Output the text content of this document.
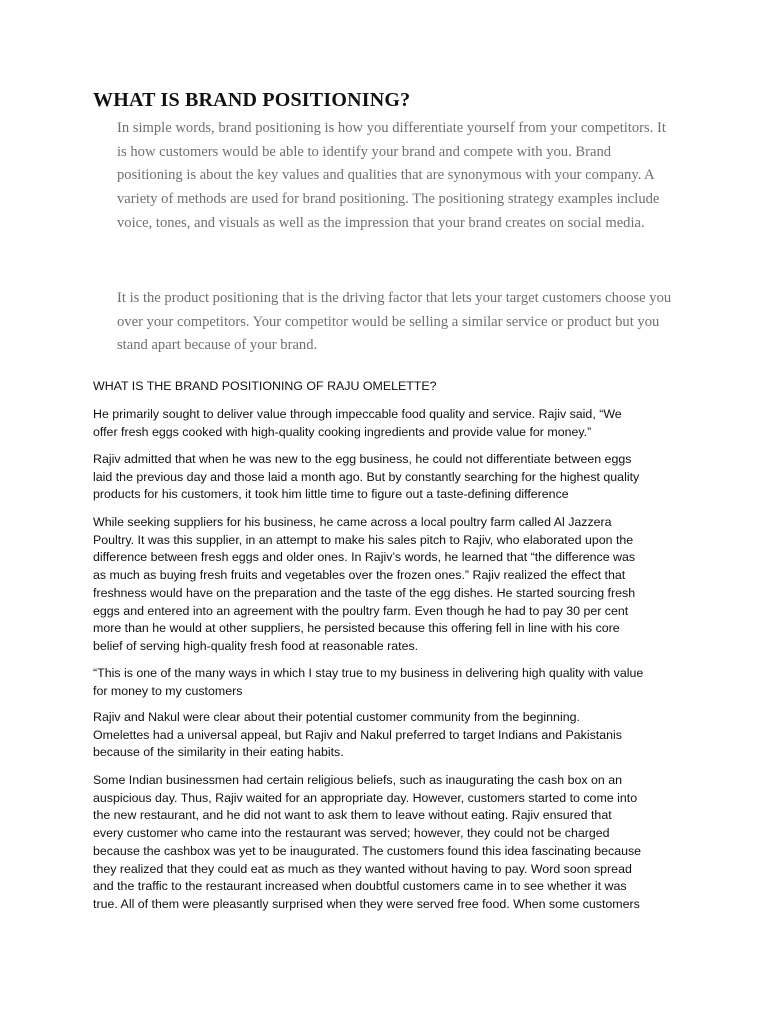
WHAT IS BRAND POSITIONING?

In simple words, brand positioning is how you differentiate yourself from your competitors. It is how customers would be able to identify your brand and compete with you. Brand positioning is about the key values and qualities that are synonymous with your company. A variety of methods are used for brand positioning. The positioning strategy examples include voice, tones, and visuals as well as the impression that your brand creates on social media.

It is the product positioning that is the driving factor that lets your target customers choose you over your competitors. Your competitor would be selling a similar service or product but you stand apart because of your brand.

WHAT IS THE BRAND POSITIONING OF RAJU OMELETTE?
He primarily sought to deliver value through impeccable food quality and service. Rajiv said, “We
offer fresh eggs cooked with high-quality cooking ingredients and provide value for money.”
Rajiv admitted that when he was new to the egg business, he could not differentiate between eggs
laid the previous day and those laid a month ago. But by constantly searching for the highest quality
products for his customers, it took him little time to figure out a taste-defining difference
While seeking suppliers for his business, he came across a local poultry farm called Al Jazzera
Poultry. It was this supplier, in an attempt to make his sales pitch to Rajiv, who elaborated upon the
difference between fresh eggs and older ones. In Rajiv’s words, he learned that “the difference was
as much as buying fresh fruits and vegetables over the frozen ones.” Rajiv realized the effect that
freshness would have on the preparation and the taste of the egg dishes. He started sourcing fresh
eggs and entered into an agreement with the poultry farm. Even though he had to pay 30 per cent
more than he would at other suppliers, he persisted because this offering fell in line with his core
belief of serving high-quality fresh food at reasonable rates.
“This is one of the many ways in which I stay true to my business in delivering high quality with value
for money to my customers
Rajiv and Nakul were clear about their potential customer community from the beginning.
Omelettes had a universal appeal, but Rajiv and Nakul preferred to target Indians and Pakistanis
because of the similarity in their eating habits.
Some Indian businessmen had certain religious beliefs, such as inaugurating the cash box on an
auspicious day. Thus, Rajiv waited for an appropriate day. However, customers started to come into
the new restaurant, and he did not want to ask them to leave without eating. Rajiv ensured that
every customer who came into the restaurant was served; however, they could not be charged
because the cashbox was yet to be inaugurated. The customers found this idea fascinating because
they realized that they could eat as much as they wanted without having to pay. Word soon spread
and the traffic to the restaurant increased when doubtful customers came in to see whether it was
true. All of them were pleasantly surprised when they were served free food. When some customers
